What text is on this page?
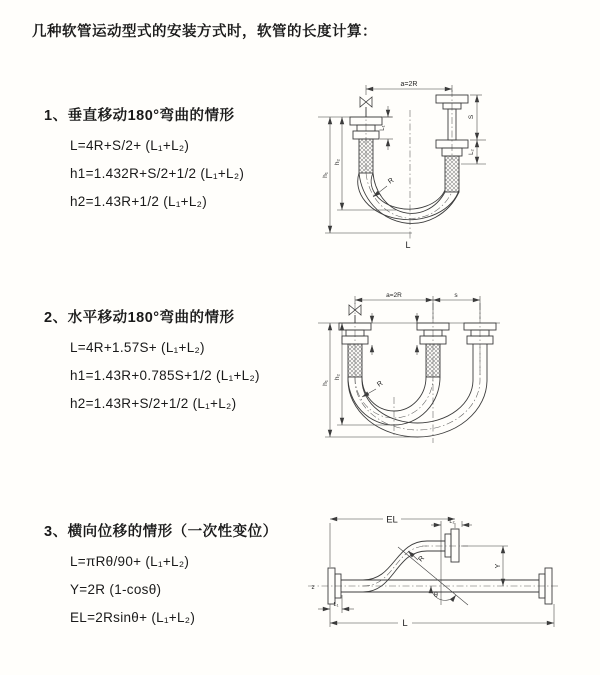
几种软管运动型式的安装方式时，软管的长度计算：
1、垂直移动180°弯曲的情形
L=4R+S/2+ (L₁+L₂)
h1=1.432R+S/2+1/2 (L₁+L₂)
h2=1.43R+1/2 (L₁+L₂)
a=2R
L₁
S
L₂
h₁
h₂
R
L
2、水平移动180°弯曲的情形
L=4R+1.57S+ (L₁+L₂)
h1=1.43R+0.785S+1/2 (L₁+L₂)
h2=1.43R+S/2+1/2 (L₁+L₂)
a=2R	s
h₁
h₂
R
3、横向位移的情形（一次性变位）
L=πRθ/90+ (L₁+L₂)
Y=2R (1-cosθ)
EL=2Rsinθ+ (L₁+L₂)
z
EL	L₂
L₁
L
Y
R
θ
